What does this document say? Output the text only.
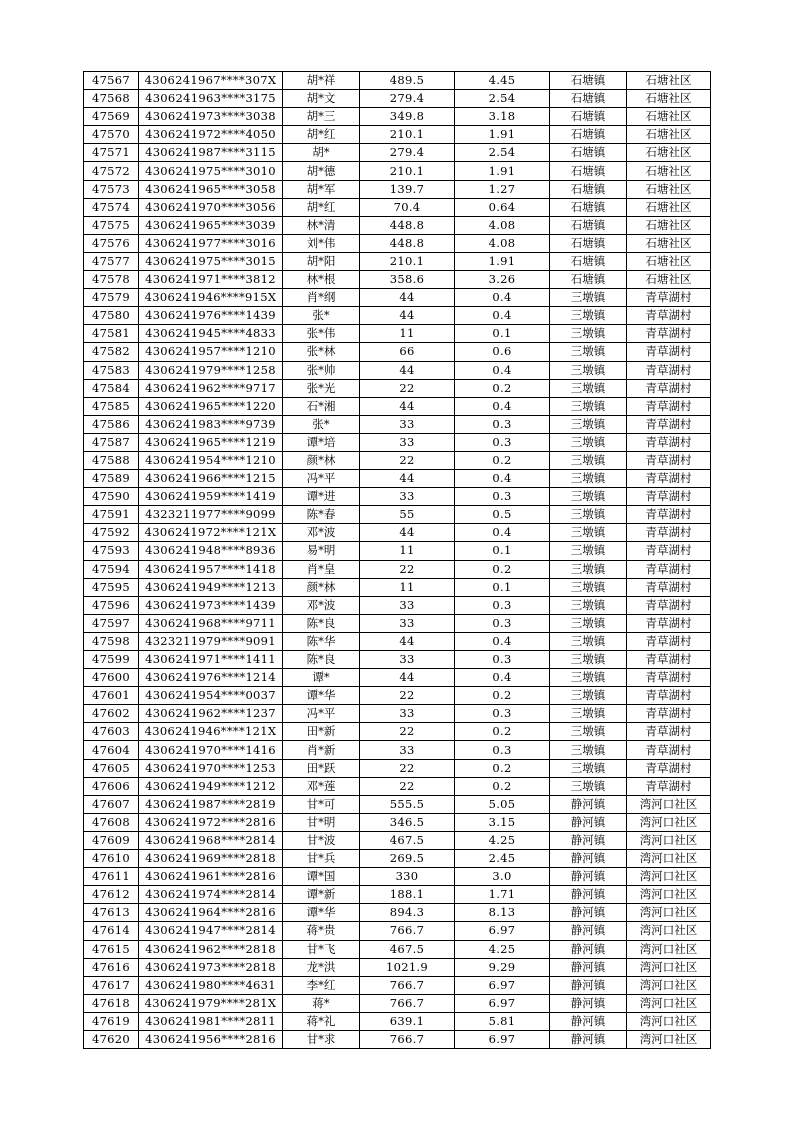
47567	4306241967****307X	胡*祥	489.5	4.45	石塘镇	石塘社区
47568	4306241963****3175	胡*文	279.4	2.54	石塘镇	石塘社区
47569	4306241973****3038	胡*三	349.8	3.18	石塘镇	石塘社区
47570	4306241972****4050	胡*红	210.1	1.91	石塘镇	石塘社区
47571	4306241987****3115	胡*	279.4	2.54	石塘镇	石塘社区
47572	4306241975****3010	胡*德	210.1	1.91	石塘镇	石塘社区
47573	4306241965****3058	胡*军	139.7	1.27	石塘镇	石塘社区
47574	4306241970****3056	胡*红	70.4	0.64	石塘镇	石塘社区
47575	4306241965****3039	林*清	448.8	4.08	石塘镇	石塘社区
47576	4306241977****3016	刘*伟	448.8	4.08	石塘镇	石塘社区
47577	4306241975****3015	胡*阳	210.1	1.91	石塘镇	石塘社区
47578	4306241971****3812	林*根	358.6	3.26	石塘镇	石塘社区
47579	4306241946****915X	肖*纲	44	0.4	三墩镇	青草湖村
47580	4306241976****1439	张*	44	0.4	三墩镇	青草湖村
47581	4306241945****4833	张*伟	11	0.1	三墩镇	青草湖村
47582	4306241957****1210	张*林	66	0.6	三墩镇	青草湖村
47583	4306241979****1258	张*帅	44	0.4	三墩镇	青草湖村
47584	4306241962****9717	张*光	22	0.2	三墩镇	青草湖村
47585	4306241965****1220	石*湘	44	0.4	三墩镇	青草湖村
47586	4306241983****9739	张*	33	0.3	三墩镇	青草湖村
47587	4306241965****1219	谭*培	33	0.3	三墩镇	青草湖村
47588	4306241954****1210	颜*林	22	0.2	三墩镇	青草湖村
47589	4306241966****1215	冯*平	44	0.4	三墩镇	青草湖村
47590	4306241959****1419	谭*进	33	0.3	三墩镇	青草湖村
47591	4323211977****9099	陈*春	55	0.5	三墩镇	青草湖村
47592	4306241972****121X	邓*波	44	0.4	三墩镇	青草湖村
47593	4306241948****8936	易*明	11	0.1	三墩镇	青草湖村
47594	4306241957****1418	肖*皇	22	0.2	三墩镇	青草湖村
47595	4306241949****1213	颜*林	11	0.1	三墩镇	青草湖村
47596	4306241973****1439	邓*波	33	0.3	三墩镇	青草湖村
47597	4306241968****9711	陈*良	33	0.3	三墩镇	青草湖村
47598	4323211979****9091	陈*华	44	0.4	三墩镇	青草湖村
47599	4306241971****1411	陈*良	33	0.3	三墩镇	青草湖村
47600	4306241976****1214	谭*	44	0.4	三墩镇	青草湖村
47601	4306241954****0037	谭*华	22	0.2	三墩镇	青草湖村
47602	4306241962****1237	冯*平	33	0.3	三墩镇	青草湖村
47603	4306241946****121X	田*新	22	0.2	三墩镇	青草湖村
47604	4306241970****1416	肖*新	33	0.3	三墩镇	青草湖村
47605	4306241970****1253	田*跃	22	0.2	三墩镇	青草湖村
47606	4306241949****1212	邓*莲	22	0.2	三墩镇	青草湖村
47607	4306241987****2819	甘*可	555.5	5.05	静河镇	湾河口社区
47608	4306241972****2816	甘*明	346.5	3.15	静河镇	湾河口社区
47609	4306241968****2814	甘*波	467.5	4.25	静河镇	湾河口社区
47610	4306241969****2818	甘*兵	269.5	2.45	静河镇	湾河口社区
47611	4306241961****2816	谭*国	330	3.0	静河镇	湾河口社区
47612	4306241974****2814	谭*新	188.1	1.71	静河镇	湾河口社区
47613	4306241964****2816	谭*华	894.3	8.13	静河镇	湾河口社区
47614	4306241947****2814	蒋*贵	766.7	6.97	静河镇	湾河口社区
47615	4306241962****2818	甘*飞	467.5	4.25	静河镇	湾河口社区
47616	4306241973****2818	龙*洪	1021.9	9.29	静河镇	湾河口社区
47617	4306241980****4631	李*红	766.7	6.97	静河镇	湾河口社区
47618	4306241979****281X	蒋*	766.7	6.97	静河镇	湾河口社区
47619	4306241981****2811	蒋*礼	639.1	5.81	静河镇	湾河口社区
47620	4306241956****2816	甘*求	766.7	6.97	静河镇	湾河口社区
